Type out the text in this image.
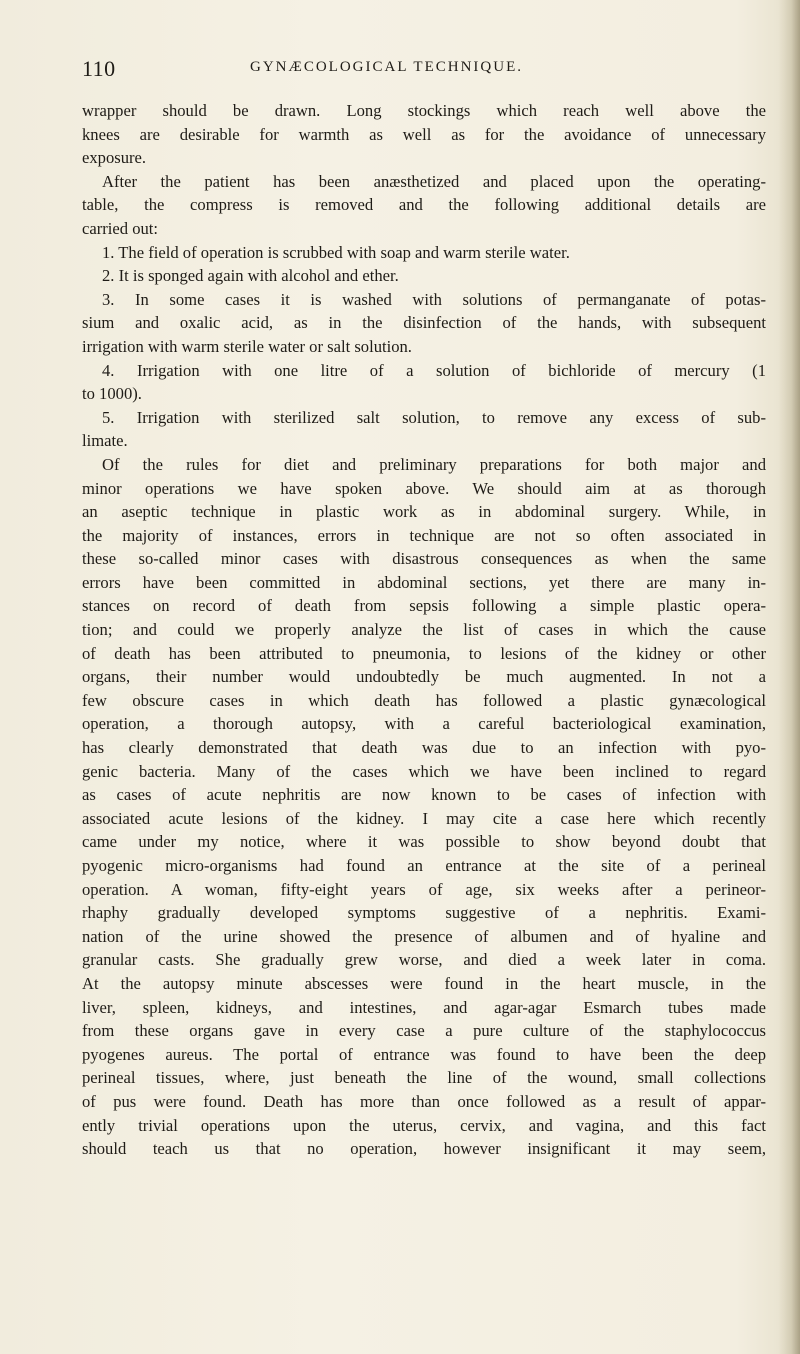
110	GYNÆCOLOGICAL TECHNIQUE.
wrapper should be drawn. Long stockings which reach well above the
knees are desirable for warmth as well as for the avoidance of unnecessary
exposure.
After the patient has been anæsthetized and placed upon the operating-
table, the compress is removed and the following additional details are
carried out:
1. The field of operation is scrubbed with soap and warm sterile water.
2. It is sponged again with alcohol and ether.
3. In some cases it is washed with solutions of permanganate of potas-
sium and oxalic acid, as in the disinfection of the hands, with subsequent
irrigation with warm sterile water or salt solution.
4. Irrigation with one litre of a solution of bichloride of mercury (1
to 1000).
5. Irrigation with sterilized salt solution, to remove any excess of sub-
limate.
Of the rules for diet and preliminary preparations for both major and
minor operations we have spoken above. We should aim at as thorough
an aseptic technique in plastic work as in abdominal surgery. While, in
the majority of instances, errors in technique are not so often associated in
these so-called minor cases with disastrous consequences as when the same
errors have been committed in abdominal sections, yet there are many in-
stances on record of death from sepsis following a simple plastic opera-
tion; and could we properly analyze the list of cases in which the cause
of death has been attributed to pneumonia, to lesions of the kidney or other
organs, their number would undoubtedly be much augmented. In not a
few obscure cases in which death has followed a plastic gynæcological
operation, a thorough autopsy, with a careful bacteriological examination,
has clearly demonstrated that death was due to an infection with pyo-
genic bacteria. Many of the cases which we have been inclined to regard
as cases of acute nephritis are now known to be cases of infection with
associated acute lesions of the kidney. I may cite a case here which recently
came under my notice, where it was possible to show beyond doubt that
pyogenic micro-organisms had found an entrance at the site of a perineal
operation. A woman, fifty-eight years of age, six weeks after a perineor-
rhaphy gradually developed symptoms suggestive of a nephritis. Exami-
nation of the urine showed the presence of albumen and of hyaline and
granular casts. She gradually grew worse, and died a week later in coma.
At the autopsy minute abscesses were found in the heart muscle, in the
liver, spleen, kidneys, and intestines, and agar-agar Esmarch tubes made
from these organs gave in every case a pure culture of the staphylococcus
pyogenes aureus. The portal of entrance was found to have been the deep
perineal tissues, where, just beneath the line of the wound, small collections
of pus were found. Death has more than once followed as a result of appar-
ently trivial operations upon the uterus, cervix, and vagina, and this fact
should teach us that no operation, however insignificant it may seem,
